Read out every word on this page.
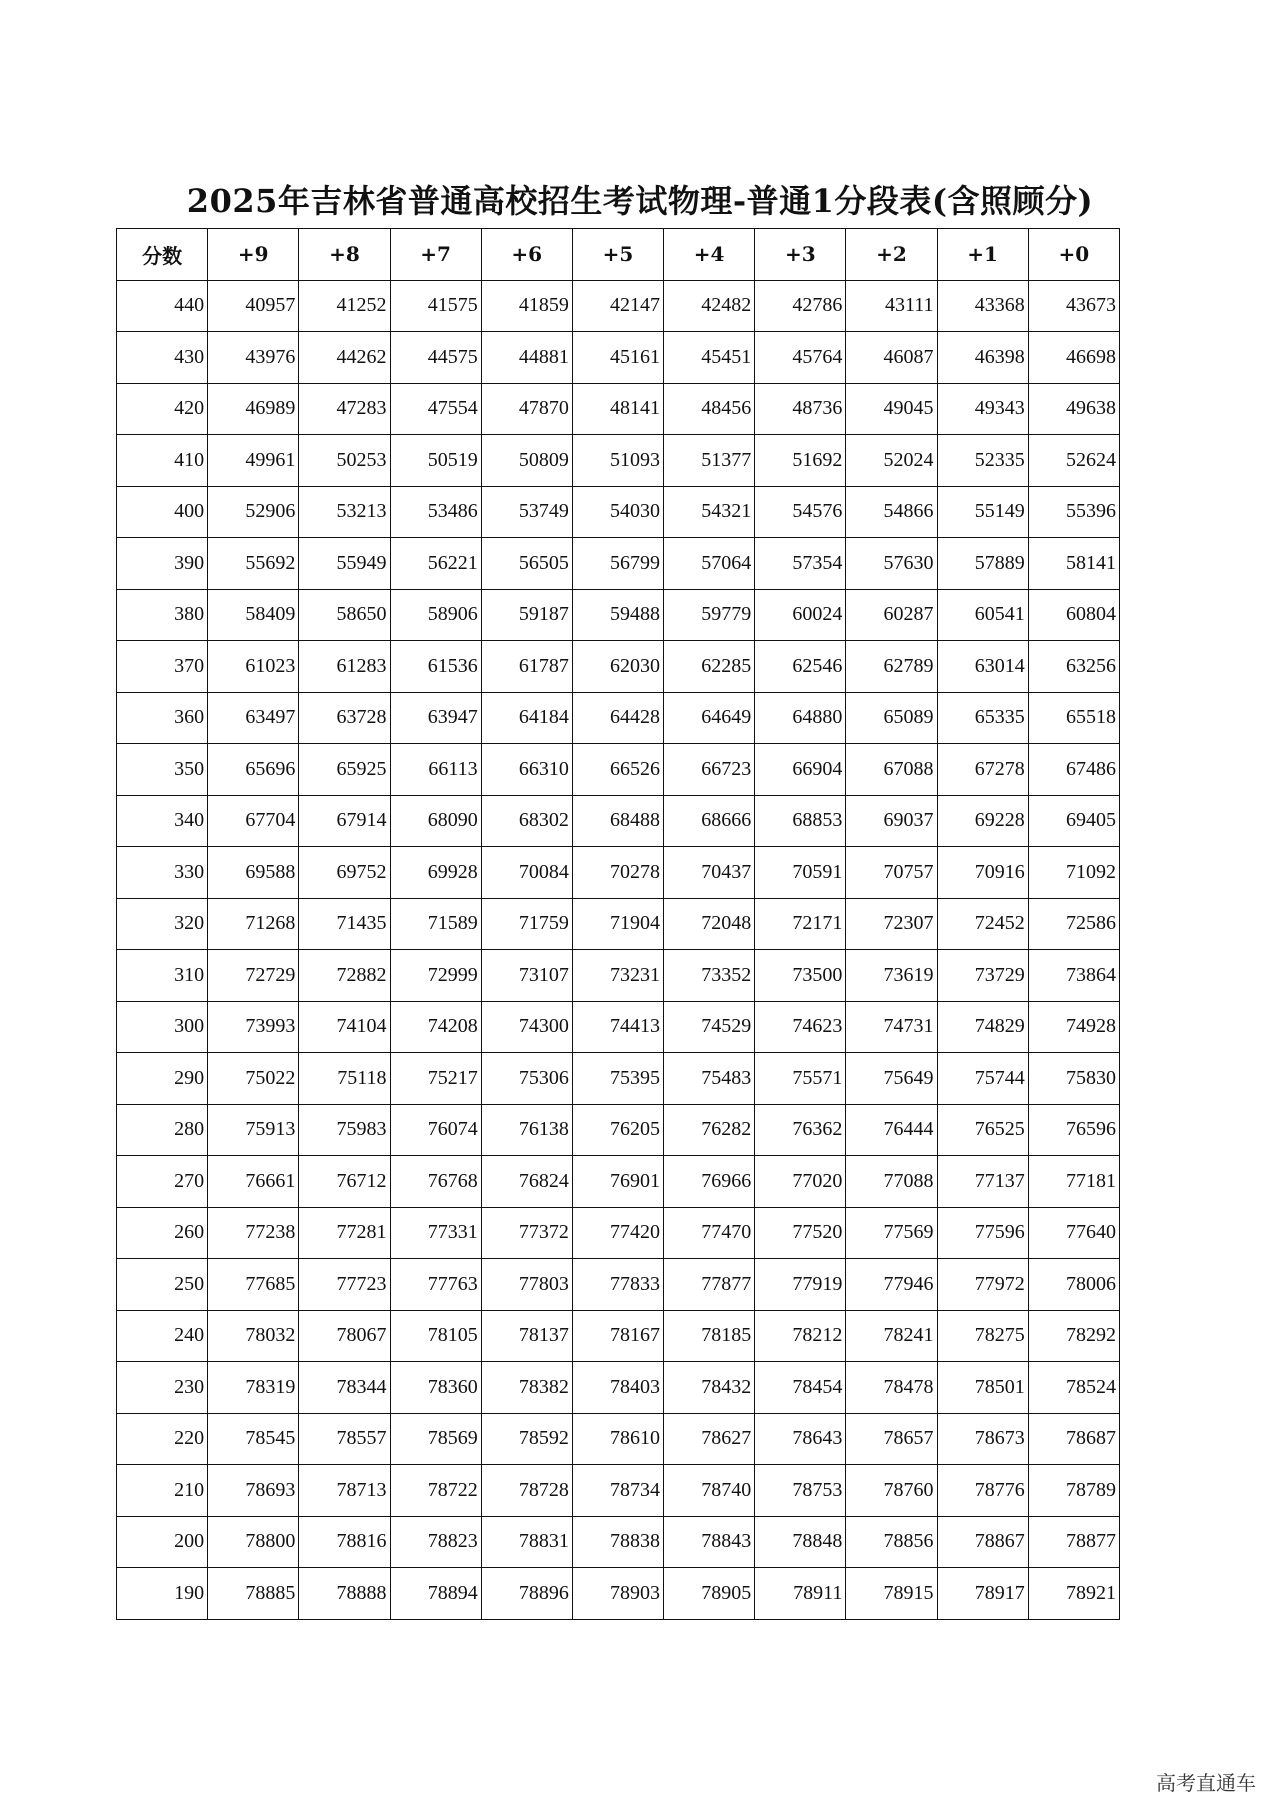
2025年吉林省普通高校招生考试物理-普通1分段表(含照顾分)
分数	+9	+8	+7	+6	+5	+4	+3	+2	+1	+0
440	40957	41252	41575	41859	42147	42482	42786	43111	43368	43673
430	43976	44262	44575	44881	45161	45451	45764	46087	46398	46698
420	46989	47283	47554	47870	48141	48456	48736	49045	49343	49638
410	49961	50253	50519	50809	51093	51377	51692	52024	52335	52624
400	52906	53213	53486	53749	54030	54321	54576	54866	55149	55396
390	55692	55949	56221	56505	56799	57064	57354	57630	57889	58141
380	58409	58650	58906	59187	59488	59779	60024	60287	60541	60804
370	61023	61283	61536	61787	62030	62285	62546	62789	63014	63256
360	63497	63728	63947	64184	64428	64649	64880	65089	65335	65518
350	65696	65925	66113	66310	66526	66723	66904	67088	67278	67486
340	67704	67914	68090	68302	68488	68666	68853	69037	69228	69405
330	69588	69752	69928	70084	70278	70437	70591	70757	70916	71092
320	71268	71435	71589	71759	71904	72048	72171	72307	72452	72586
310	72729	72882	72999	73107	73231	73352	73500	73619	73729	73864
300	73993	74104	74208	74300	74413	74529	74623	74731	74829	74928
290	75022	75118	75217	75306	75395	75483	75571	75649	75744	75830
280	75913	75983	76074	76138	76205	76282	76362	76444	76525	76596
270	76661	76712	76768	76824	76901	76966	77020	77088	77137	77181
260	77238	77281	77331	77372	77420	77470	77520	77569	77596	77640
250	77685	77723	77763	77803	77833	77877	77919	77946	77972	78006
240	78032	78067	78105	78137	78167	78185	78212	78241	78275	78292
230	78319	78344	78360	78382	78403	78432	78454	78478	78501	78524
220	78545	78557	78569	78592	78610	78627	78643	78657	78673	78687
210	78693	78713	78722	78728	78734	78740	78753	78760	78776	78789
200	78800	78816	78823	78831	78838	78843	78848	78856	78867	78877
190	78885	78888	78894	78896	78903	78905	78911	78915	78917	78921
高考直通车
